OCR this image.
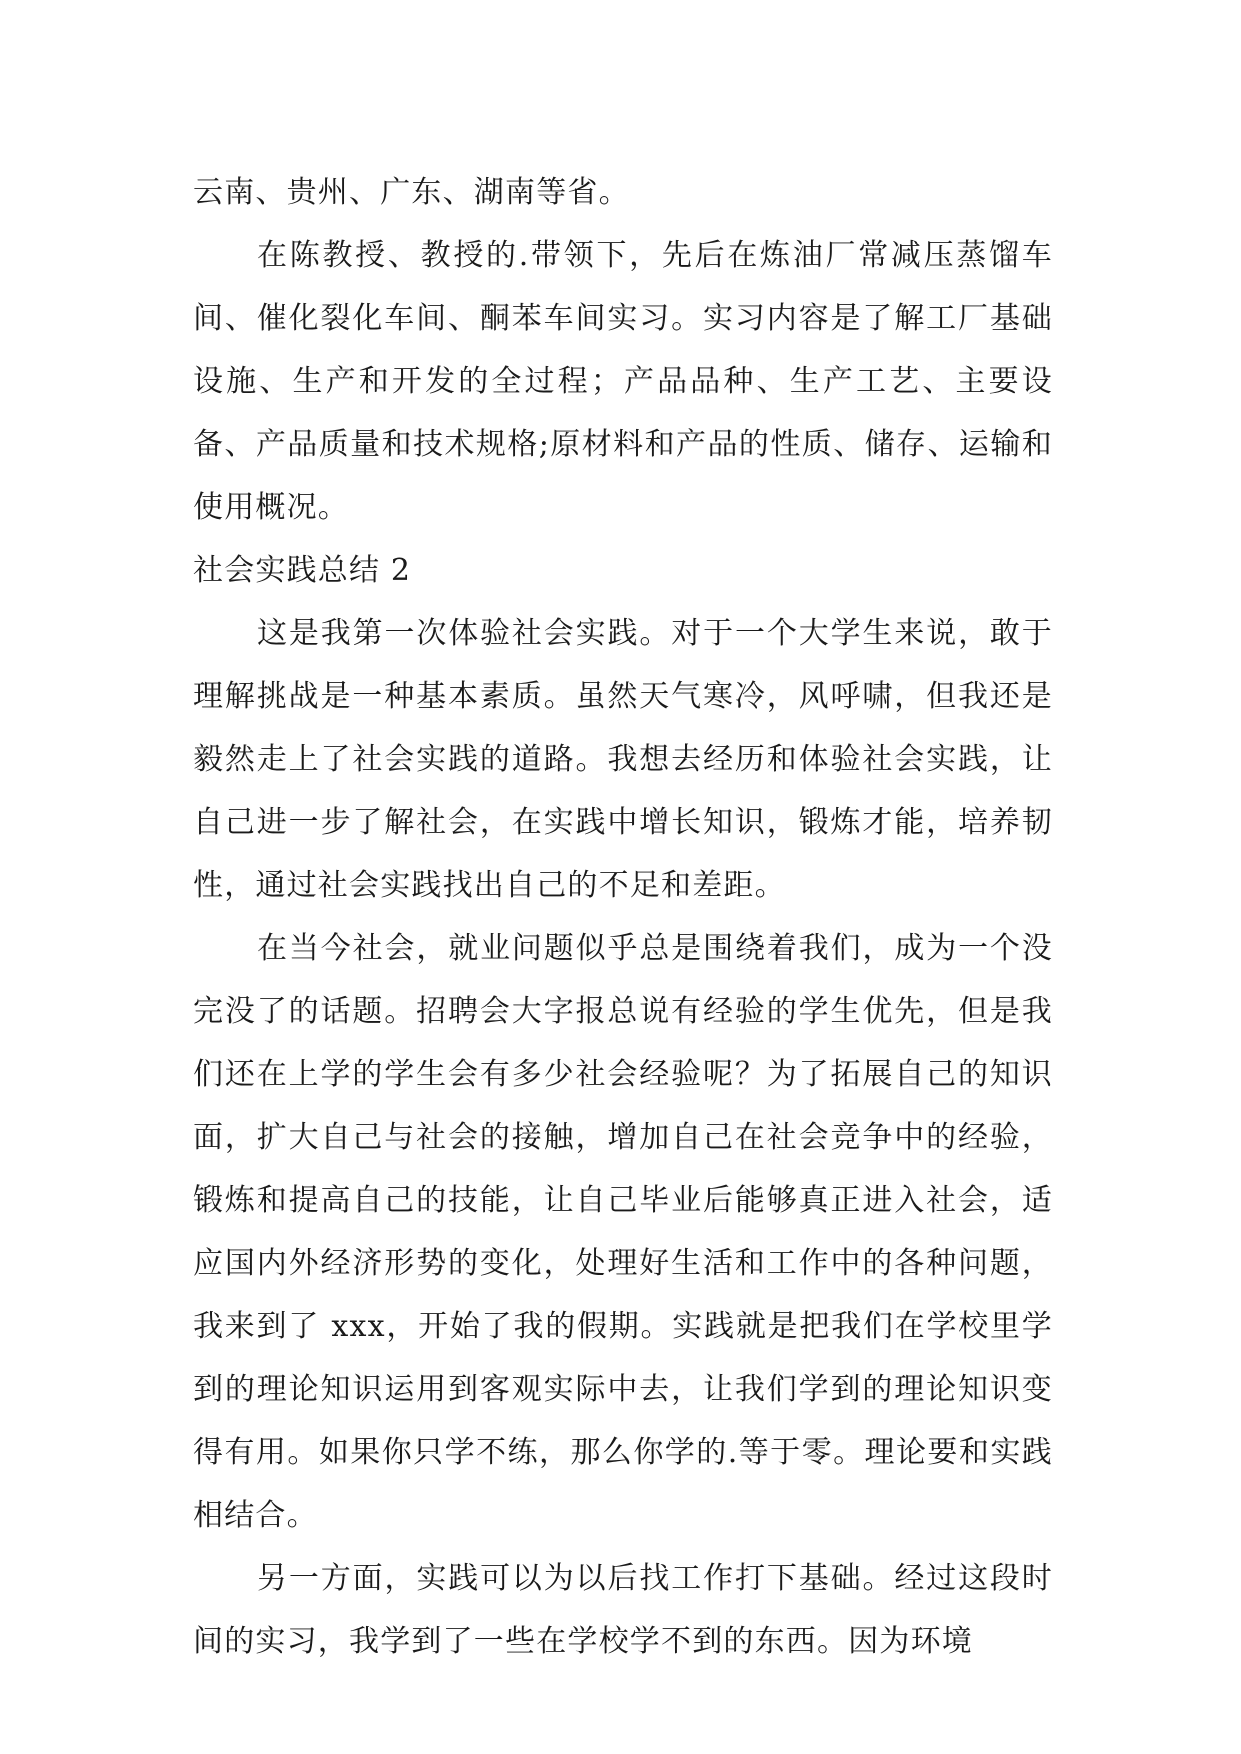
云南、贵州、广东、湖南等省。

在陈教授、教授的.带领下，先后在炼油厂常减压蒸馏车间、催化裂化车间、酮苯车间实习。实习内容是了解工厂基础设施、生产和开发的全过程；产品品种、生产工艺、主要设备、产品质量和技术规格;原材料和产品的性质、储存、运输和使用概况。

社会实践总结 2

这是我第一次体验社会实践。对于一个大学生来说，敢于理解挑战是一种基本素质。虽然天气寒冷，风呼啸，但我还是毅然走上了社会实践的道路。我想去经历和体验社会实践，让自己进一步了解社会，在实践中增长知识，锻炼才能，培养韧性，通过社会实践找出自己的不足和差距。

在当今社会，就业问题似乎总是围绕着我们，成为一个没完没了的话题。招聘会大字报总说有经验的学生优先，但是我们还在上学的学生会有多少社会经验呢？为了拓展自己的知识面，扩大自己与社会的接触，增加自己在社会竞争中的经验，锻炼和提高自己的技能，让自己毕业后能够真正进入社会，适应国内外经济形势的变化，处理好生活和工作中的各种问题，我来到了 xxx，开始了我的假期。实践就是把我们在学校里学到的理论知识运用到客观实际中去，让我们学到的理论知识变得有用。如果你只学不练，那么你学的.等于零。理论要和实践相结合。

另一方面，实践可以为以后找工作打下基础。经过这段时间的实习，我学到了一些在学校学不到的东西。因为环境
